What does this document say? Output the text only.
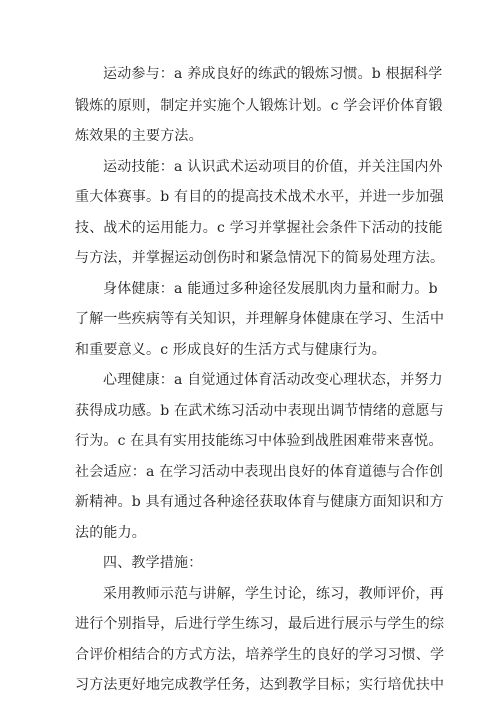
运动参与：a 养成良好的练武的锻炼习惯。b 根据科学
锻炼的原则，制定并实施个人锻炼计划。c 学会评价体育锻
炼效果的主要方法。
运动技能：a 认识武术运动项目的价值，并关注国内外
重大体赛事。b 有目的的提高技术战术水平，并进一步加强
技、战术的运用能力。c 学习并掌握社会条件下活动的技能
与方法，并掌握运动创伤时和紧急情况下的简易处理方法。
身体健康：a 能通过多种途径发展肌肉力量和耐力。b
了解一些疾病等有关知识，并理解身体健康在学习、生活中
和重要意义。c 形成良好的生活方式与健康行为。
心理健康：a 自觉通过体育活动改变心理状态，并努力
获得成功感。b 在武术练习活动中表现出调节情绪的意愿与
行为。c 在具有实用技能练习中体验到战胜困难带来喜悦。
社会适应：a 在学习活动中表现出良好的体育道德与合作创
新精神。b 具有通过各种途径获取体育与健康方面知识和方
法的能力。
四、教学措施：
采用教师示范与讲解，学生讨论，练习，教师评价，再
进行个别指导，后进行学生练习，最后进行展示与学生的综
合评价相结合的方式方法，培养学生的良好的学习习惯、学
习方法更好地完成教学任务，达到教学目标；实行培优扶中
